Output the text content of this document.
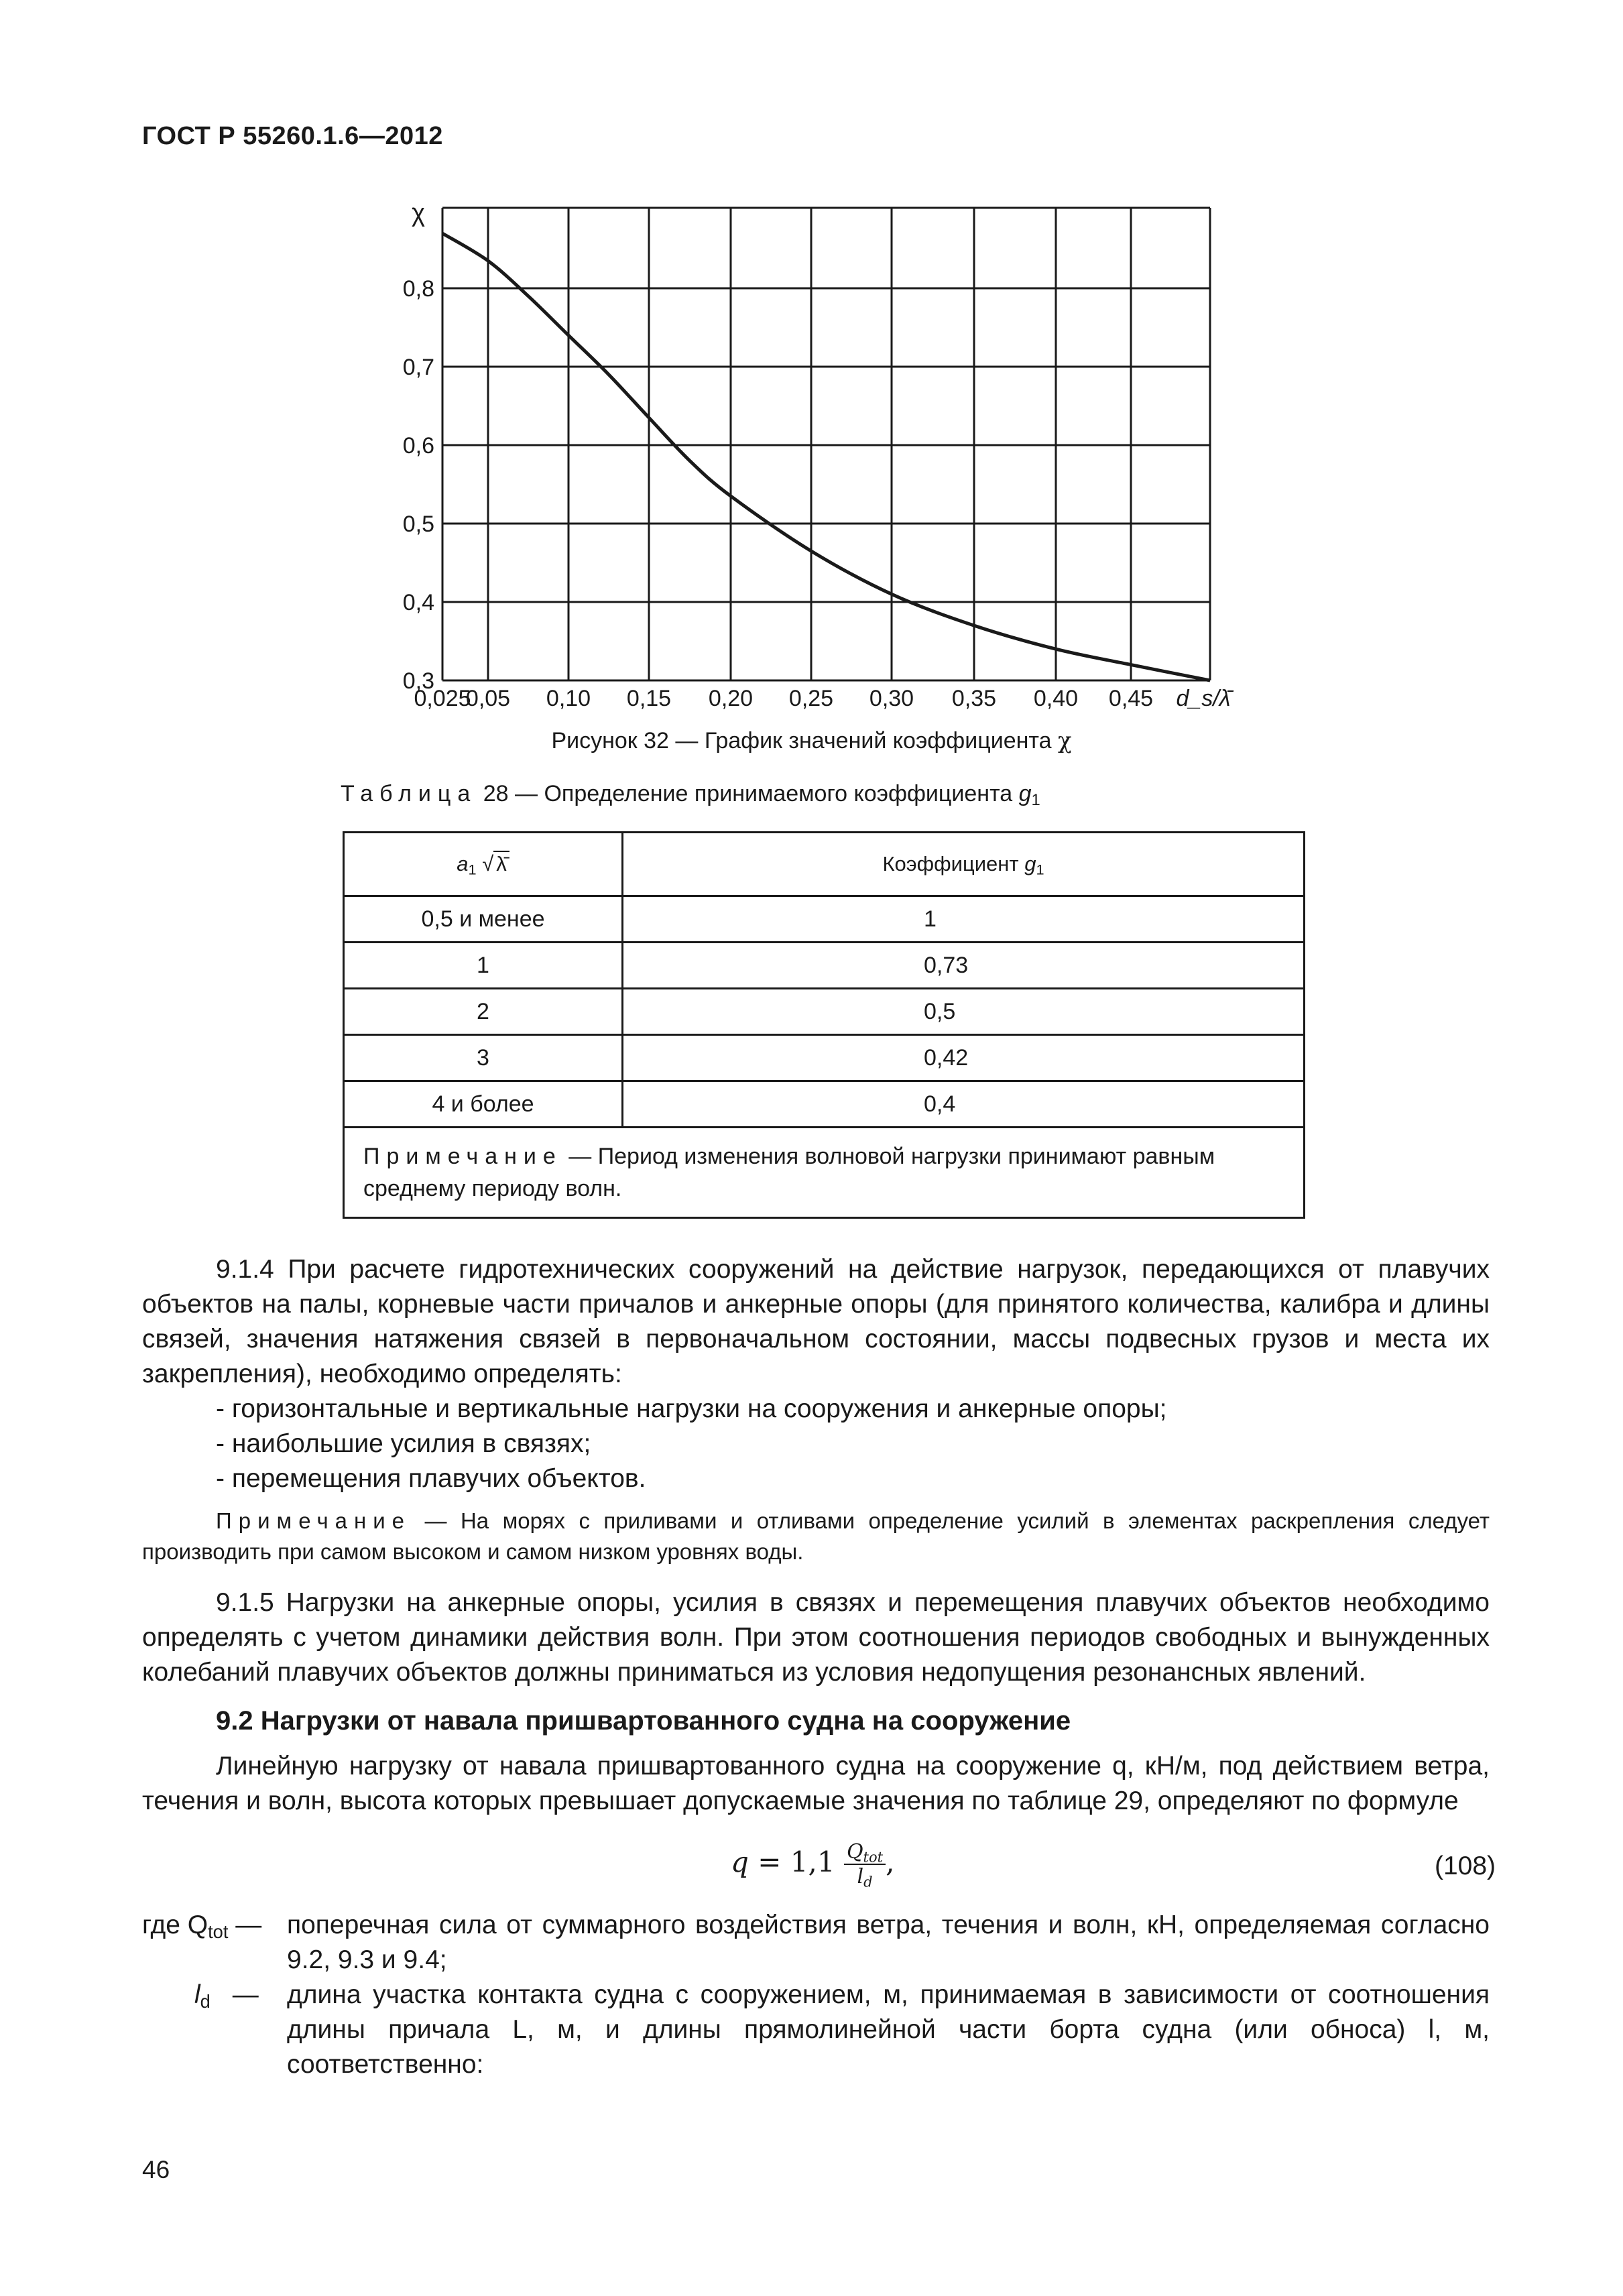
ГОСТ Р 55260.1.6—2012
0,3
0,4
0,5
0,6
0,7
0,8
χ
0,025
0,05 0,10 0,15 0,20 0,25 0,30 0,35 0,40 0,45 d_s/λ̄
Рисунок 32 — График значений коэффициента χ
Таблица 28 — Определение принимаемого коэффициента $g_1$
$a_1$ √ λ̄	Коэффициент $g_1$
0,5 и менее	1
1	0,73
2	0,5
3	0,42
4 и более	0,4
Примечание — Период изменения волновой нагрузки принимают равным среднему периоду волн.	
9.1.4 При расчете гидротехнических сооружений на действие нагрузок, передающихся от плавучих объектов на палы, корневые части причалов и анкерные опоры (для принятого количества, калибра и длины связей, значения натяжения связей в первоначальном состоянии, массы подвесных грузов и места их закрепления), необходимо определять:
- горизонтальные и вертикальные нагрузки на сооружения и анкерные опоры;
- наибольшие усилия в связях;
- перемещения плавучих объектов.
Примечание — На морях с приливами и отливами определение усилий в элементах раскрепления следует производить при самом высоком и самом низком уровнях воды.
9.1.5 Нагрузки на анкерные опоры, усилия в связях и перемещения плавучих объектов необходимо определять с учетом динамики действия волн. При этом соотношения периодов свободных и вынужденных колебаний плавучих объектов должны приниматься из условия недопущения резонансных явлений.
9.2 Нагрузки от навала пришвартованного судна на сооружение
Линейную нагрузку от навала пришвартованного судна на сооружение q, кН/м, под действием ветра, течения и волн, высота которых превышает допускаемые значения по таблице 29, определяют по формуле
$q = 1,1 \frac{Q_{tot}}{l_d}$ ,	(108)
где $Q_{tot}$ — поперечная сила от суммарного воздействия ветра, течения и волн, кН, определяемая согласно 9.2, 9.3 и 9.4;
$l_d$ — длина участка контакта судна с сооружением, м, принимаемая в зависимости от соотношения длины причала L, м, и длины прямолинейной части борта судна (или обноса) l, м, соответственно:
46
